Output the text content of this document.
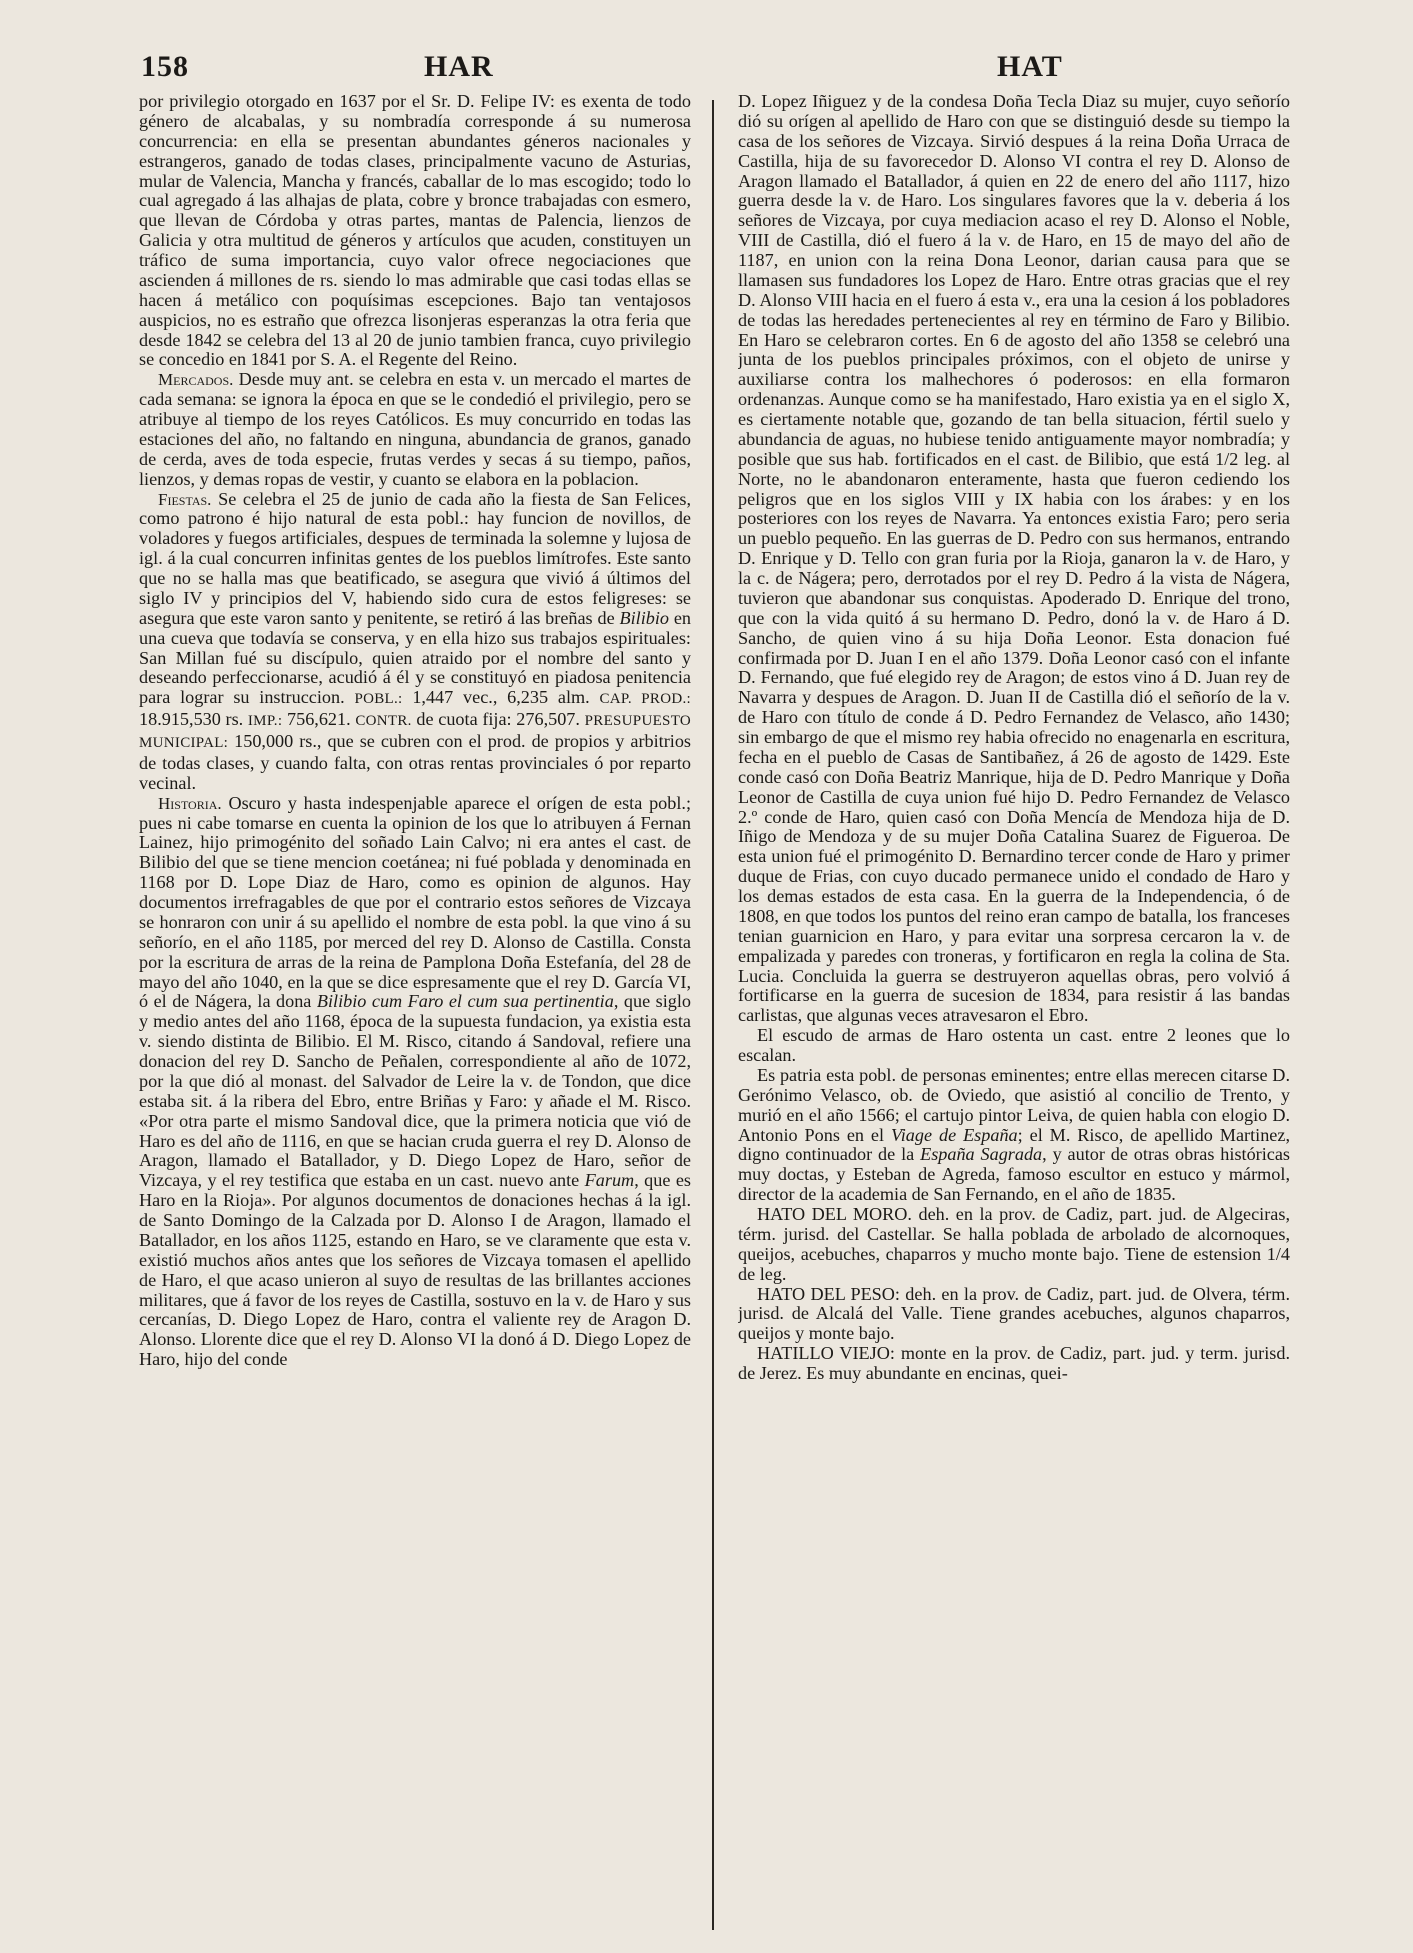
158	HAR	HAT

por privilegio otorgado en 1637 por el Sr. D. Felipe IV: es exenta de todo género de alcabalas, y su nombradía corresponde á su numerosa concurrencia: en ella se presentan abundantes géneros nacionales y estrangeros, ganado de todas clases, principalmente vacuno de Asturias, mular de Valencia, Mancha y francés, caballar de lo mas escogido; todo lo cual agregado á las alhajas de plata, cobre y bronce trabajadas con esmero, que llevan de Córdoba y otras partes, mantas de Palencia, lienzos de Galicia y otra multitud de géneros y artículos que acuden, constituyen un tráfico de suma importancia, cuyo valor ofrece negociaciones que ascienden á millones de rs. siendo lo mas admirable que casi todas ellas se hacen á metálico con poquísimas escepciones. Bajo tan ventajosos auspicios, no es estraño que ofrezca lisonjeras esperanzas la otra feria que desde 1842 se celebra del 13 al 20 de junio tambien franca, cuyo privilegio se concedio en 1841 por S. A. el Regente del Reino.

Mercados. Desde muy ant. se celebra en esta v. un mercado el martes de cada semana: se ignora la época en que se le condedió el privilegio, pero se atribuye al tiempo de los reyes Católicos. Es muy concurrido en todas las estaciones del año, no faltando en ninguna, abundancia de granos, ganado de cerda, aves de toda especie, frutas verdes y secas á su tiempo, paños, lienzos, y demas ropas de vestir, y cuanto se elabora en la poblacion.

Fiestas. Se celebra el 25 de junio de cada año la fiesta de San Felices, como patrono é hijo natural de esta pobl.: hay funcion de novillos, de voladores y fuegos artificiales, despues de terminada la solemne y lujosa de igl. á la cual concurren infinitas gentes de los pueblos limítrofes. Este santo que no se halla mas que beatificado, se asegura que vivió á últimos del siglo IV y principios del V, habiendo sido cura de estos feligreses: se asegura que este varon santo y penitente, se retiró á las breñas de Bilibio en una cueva que todavía se conserva, y en ella hizo sus trabajos espirituales: San Millan fué su discípulo, quien atraido por el nombre del santo y deseando perfeccionarse, acudió á él y se constituyó en piadosa penitencia para lograr su instruccion. POBL.: 1,447 vec., 6,235 alm. CAP. PROD.: 18.915,530 rs. IMP.: 756,621. CONTR. de cuota fija: 276,507. PRESUPUESTO MUNICIPAL: 150,000 rs., que se cubren con el prod. de propios y arbitrios de todas clases, y cuando falta, con otras rentas provinciales ó por reparto vecinal.

Historia. Oscuro y hasta indespenjable aparece el orígen de esta pobl.; pues ni cabe tomarse en cuenta la opinion de los que lo atribuyen á Fernan Lainez, hijo primogénito del soñado Lain Calvo; ni era antes el cast. de Bilibio del que se tiene mencion coetánea; ni fué poblada y denominada en 1168 por D. Lope Diaz de Haro, como es opinion de algunos. Hay documentos irrefragables de que por el contrario estos señores de Vizcaya se honraron con unir á su apellido el nombre de esta pobl. la que vino á su señorío, en el año 1185, por merced del rey D. Alonso de Castilla. Consta por la escritura de arras de la reina de Pamplona Doña Estefanía, del 28 de mayo del año 1040, en la que se dice espresamente que el rey D. García VI, ó el de Nágera, la dona Bilibio cum Faro el cum sua pertinentia, que siglo y medio antes del año 1168, época de la supuesta fundacion, ya existia esta v. siendo distinta de Bilibio. El M. Risco, citando á Sandoval, refiere una donacion del rey D. Sancho de Peñalen, correspondiente al año de 1072, por la que dió al monast. del Salvador de Leire la v. de Tondon, que dice estaba sit. á la ribera del Ebro, entre Briñas y Faro: y añade el M. Risco. «Por otra parte el mismo Sandoval dice, que la primera noticia que vió de Haro es del año de 1116, en que se hacian cruda guerra el rey D. Alonso de Aragon, llamado el Batallador, y D. Diego Lopez de Haro, señor de Vizcaya, y el rey testifica que estaba en un cast. nuevo ante Farum, que es Haro en la Rioja». Por algunos documentos de donaciones hechas á la igl. de Santo Domingo de la Calzada por D. Alonso I de Aragon, llamado el Batallador, en los años 1125, estando en Haro, se ve claramente que esta v. existió muchos años antes que los señores de Vizcaya tomasen el apellido de Haro, el que acaso unieron al suyo de resultas de las brillantes acciones militares, que á favor de los reyes de Castilla, sostuvo en la v. de Haro y sus cercanías, D. Diego Lopez de Haro, contra el valiente rey de Aragon D. Alonso. Llorente dice que el rey D. Alonso VI la donó á D. Diego Lopez de Haro, hijo del conde

D. Lopez Iñiguez y de la condesa Doña Tecla Diaz su mujer, cuyo señorío dió su orígen al apellido de Haro con que se distinguió desde su tiempo la casa de los señores de Vizcaya. Sirvió despues á la reina Doña Urraca de Castilla, hija de su favorecedor D. Alonso VI contra el rey D. Alonso de Aragon llamado el Batallador, á quien en 22 de enero del año 1117, hizo guerra desde la v. de Haro. Los singulares favores que la v. deberia á los señores de Vizcaya, por cuya mediacion acaso el rey D. Alonso el Noble, VIII de Castilla, dió el fuero á la v. de Haro, en 15 de mayo del año de 1187, en union con la reina Dona Leonor, darian causa para que se llamasen sus fundadores los Lopez de Haro. Entre otras gracias que el rey D. Alonso VIII hacia en el fuero á esta v., era una la cesion á los pobladores de todas las heredades pertenecientes al rey en término de Faro y Bilibio. En Haro se celebraron cortes. En 6 de agosto del año 1358 se celebró una junta de los pueblos principales próximos, con el objeto de unirse y auxiliarse contra los malhechores ó poderosos: en ella formaron ordenanzas. Aunque como se ha manifestado, Haro existia ya en el siglo X, es ciertamente notable que, gozando de tan bella situacion, fértil suelo y abundancia de aguas, no hubiese tenido antiguamente mayor nombradía; y posible que sus hab. fortificados en el cast. de Bilibio, que está 1/2 leg. al Norte, no le abandonaron enteramente, hasta que fueron cediendo los peligros que en los siglos VIII y IX habia con los árabes: y en los posteriores con los reyes de Navarra. Ya entonces existia Faro; pero seria un pueblo pequeño. En las guerras de D. Pedro con sus hermanos, entrando D. Enrique y D. Tello con gran furia por la Rioja, ganaron la v. de Haro, y la c. de Nágera; pero, derrotados por el rey D. Pedro á la vista de Nágera, tuvieron que abandonar sus conquistas. Apoderado D. Enrique del trono, que con la vida quitó á su hermano D. Pedro, donó la v. de Haro á D. Sancho, de quien vino á su hija Doña Leonor. Esta donacion fué confirmada por D. Juan I en el año 1379. Doña Leonor casó con el infante D. Fernando, que fué elegido rey de Aragon; de estos vino á D. Juan rey de Navarra y despues de Aragon. D. Juan II de Castilla dió el señorío de la v. de Haro con título de conde á D. Pedro Fernandez de Velasco, año 1430; sin embargo de que el mismo rey habia ofrecido no enagenarla en escritura, fecha en el pueblo de Casas de Santibañez, á 26 de agosto de 1429. Este conde casó con Doña Beatriz Manrique, hija de D. Pedro Manrique y Doña Leonor de Castilla de cuya union fué hijo D. Pedro Fernandez de Velasco 2.º conde de Haro, quien casó con Doña Mencía de Mendoza hija de D. Iñigo de Mendoza y de su mujer Doña Catalina Suarez de Figueroa. De esta union fué el primogénito D. Bernardino tercer conde de Haro y primer duque de Frias, con cuyo ducado permanece unido el condado de Haro y los demas estados de esta casa. En la guerra de la Independencia, ó de 1808, en que todos los puntos del reino eran campo de batalla, los franceses tenian guarnicion en Haro, y para evitar una sorpresa cercaron la v. de empalizada y paredes con troneras, y fortificaron en regla la colina de Sta. Lucia. Concluida la guerra se destruyeron aquellas obras, pero volvió á fortificarse en la guerra de sucesion de 1834, para resistir á las bandas carlistas, que algunas veces atravesaron el Ebro.

El escudo de armas de Haro ostenta un cast. entre 2 leones que lo escalan.

Es patria esta pobl. de personas eminentes; entre ellas merecen citarse D. Gerónimo Velasco, ob. de Oviedo, que asistió al concilio de Trento, y murió en el año 1566; el cartujo pintor Leiva, de quien habla con elogio D. Antonio Pons en el Viage de España; el M. Risco, de apellido Martinez, digno continuador de la España Sagrada, y autor de otras obras históricas muy doctas, y Esteban de Agreda, famoso escultor en estuco y mármol, director de la academia de San Fernando, en el año de 1835.

HATO DEL MORO. deh. en la prov. de Cadiz, part. jud. de Algeciras, térm. jurisd. del Castellar. Se halla poblada de arbolado de alcornoques, queijos, acebuches, chaparros y mucho monte bajo. Tiene de estension 1/4 de leg.

HATO DEL PESO: deh. en la prov. de Cadiz, part. jud. de Olvera, térm. jurisd. de Alcalá del Valle. Tiene grandes acebuches, algunos chaparros, queijos y monte bajo.

HATILLO VIEJO: monte en la prov. de Cadiz, part. jud. y term. jurisd. de Jerez. Es muy abundante en encinas, quei-
